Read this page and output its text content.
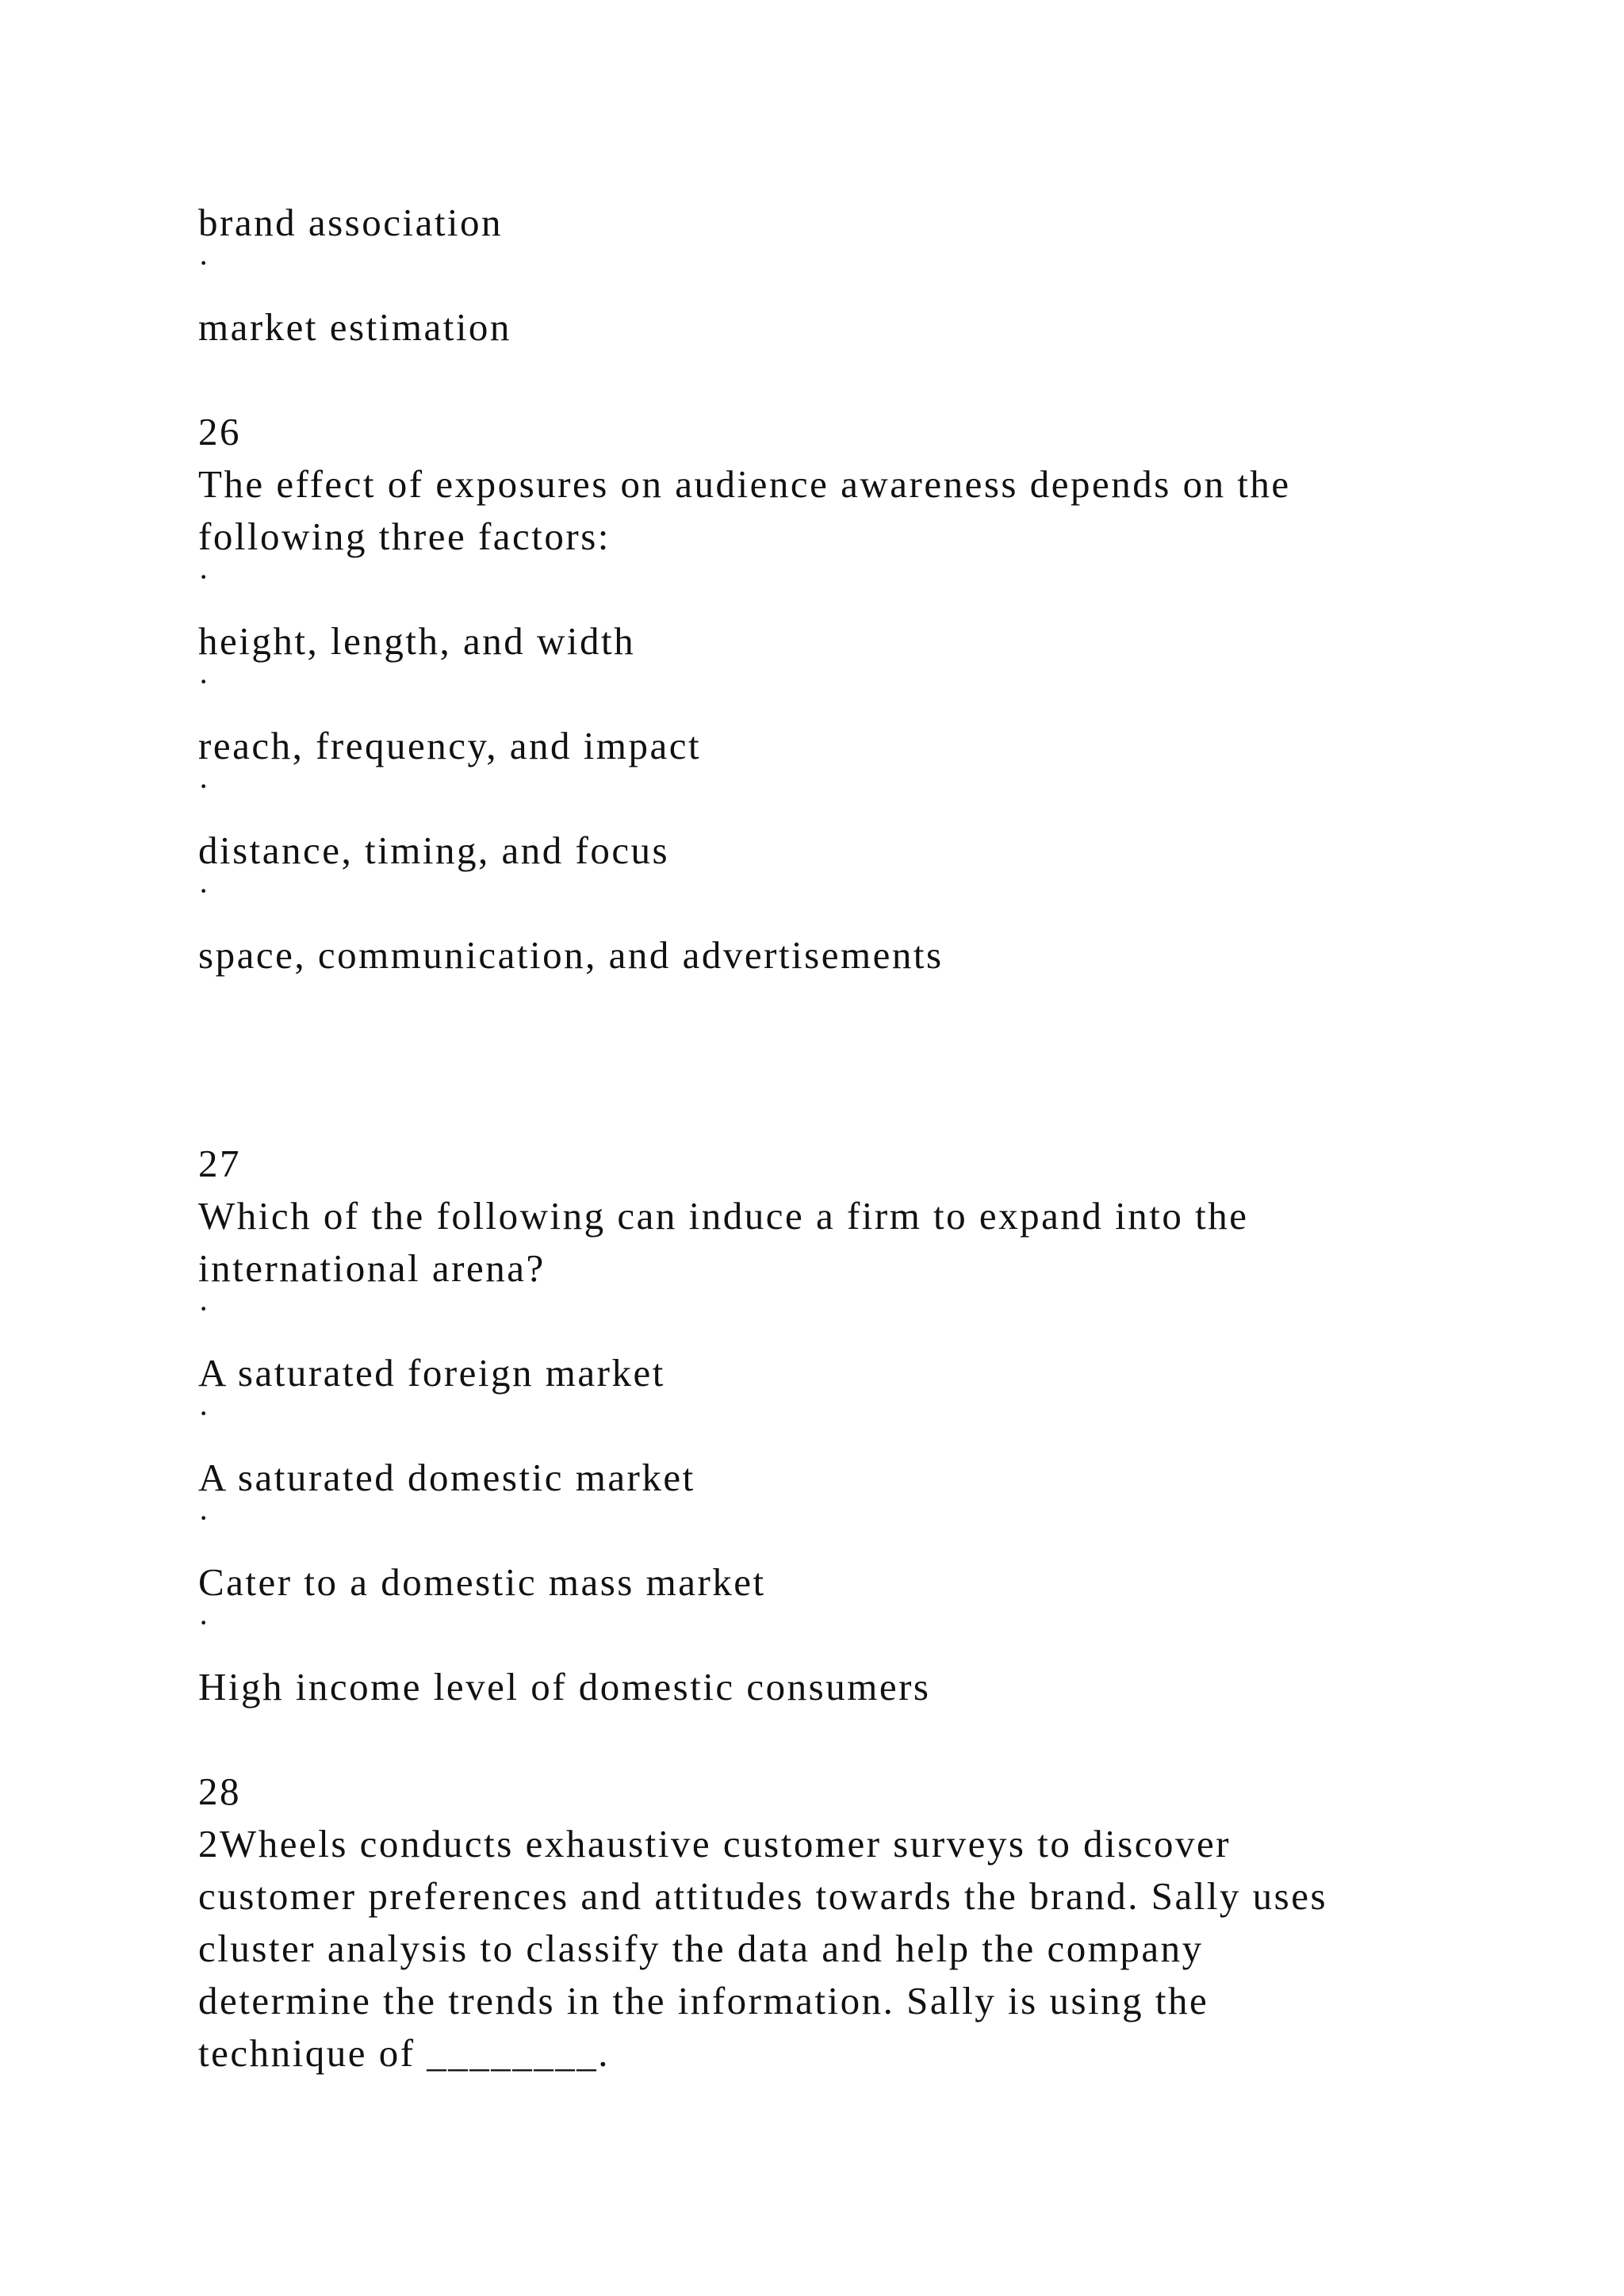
brand association
·
market estimation
26
The effect of exposures on audience awareness depends on the
following three factors:
·
height, length, and width
·
reach, frequency, and impact
·
distance, timing, and focus
·
space, communication, and advertisements
27
Which of the following can induce a firm to expand into the
international arena?
·
A saturated foreign market
·
A saturated domestic market
·
Cater to a domestic mass market
·
High income level of domestic consumers
28
2Wheels conducts exhaustive customer surveys to discover
customer preferences and attitudes towards the brand. Sally uses
cluster analysis to classify the data and help the company
determine the trends in the information. Sally is using the
technique of ________.
